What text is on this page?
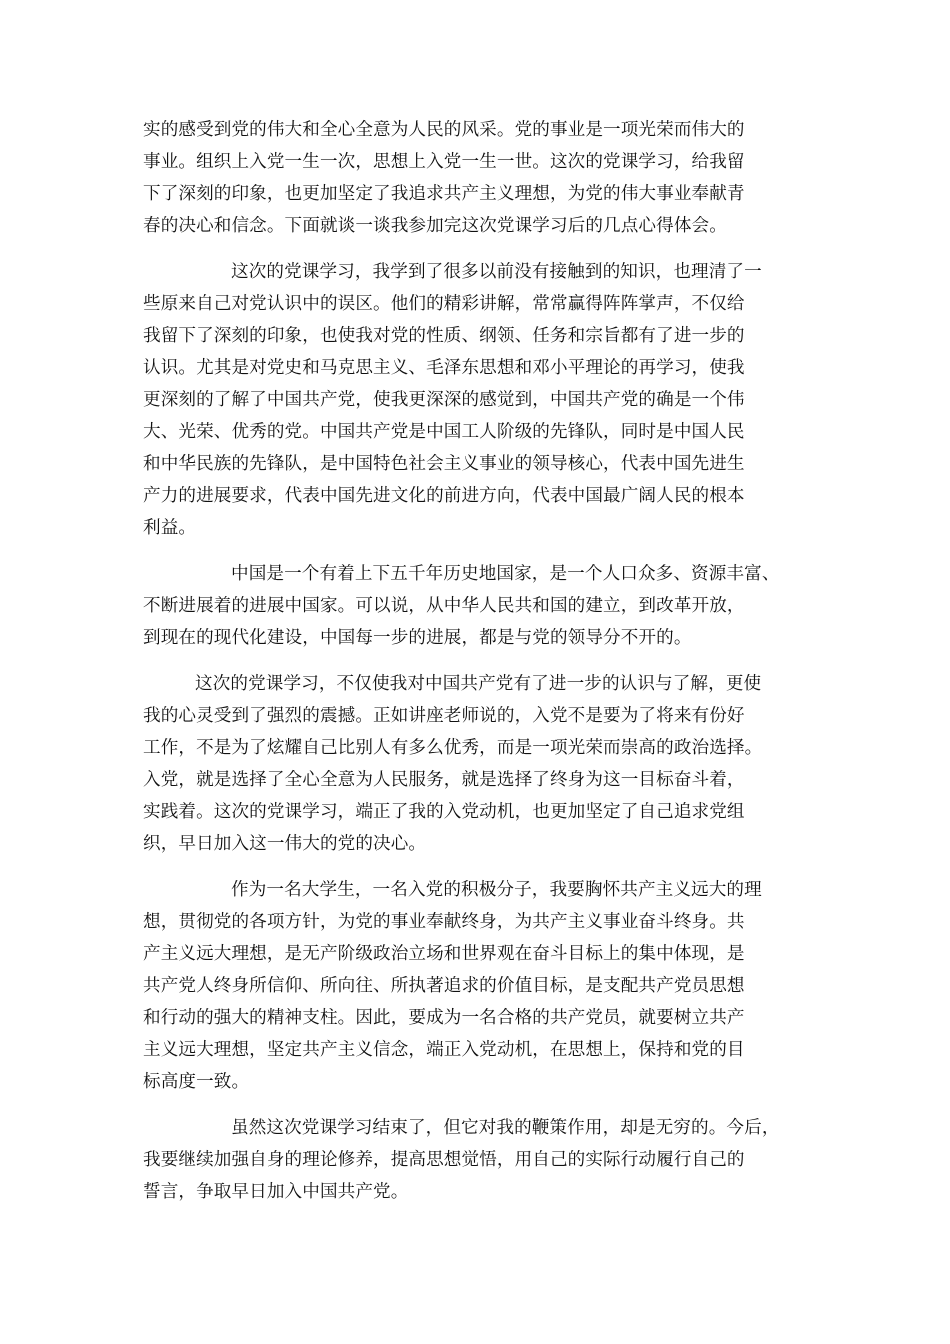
实的感受到党的伟大和全心全意为人民的风采。党的事业是一项光荣而伟大的
事业。组织上入党一生一次，思想上入党一生一世。这次的党课学习，给我留
下了深刻的印象，也更加坚定了我追求共产主义理想，为党的伟大事业奉献青
春的决心和信念。下面就谈一谈我参加完这次党课学习后的几点心得体会。
这次的党课学习，我学到了很多以前没有接触到的知识，也理清了一
些原来自己对党认识中的误区。他们的精彩讲解，常常赢得阵阵掌声，不仅给
我留下了深刻的印象，也使我对党的性质、纲领、任务和宗旨都有了进一步的
认识。尤其是对党史和马克思主义、毛泽东思想和邓小平理论的再学习，使我
更深刻的了解了中国共产党，使我更深深的感觉到，中国共产党的确是一个伟
大、光荣、优秀的党。中国共产党是中国工人阶级的先锋队，同时是中国人民
和中华民族的先锋队，是中国特色社会主义事业的领导核心，代表中国先进生
产力的进展要求，代表中国先进文化的前进方向，代表中国最广阔人民的根本
利益。
中国是一个有着上下五千年历史地国家，是一个人口众多、资源丰富、
不断进展着的进展中国家。可以说，从中华人民共和国的建立，到改革开放，
到现在的现代化建设，中国每一步的进展，都是与党的领导分不开的。
这次的党课学习，不仅使我对中国共产党有了进一步的认识与了解，更使
我的心灵受到了强烈的震撼。正如讲座老师说的，入党不是要为了将来有份好
工作，不是为了炫耀自己比别人有多么优秀，而是一项光荣而崇高的政治选择。
入党，就是选择了全心全意为人民服务，就是选择了终身为这一目标奋斗着，
实践着。这次的党课学习，端正了我的入党动机，也更加坚定了自己追求党组
织，早日加入这一伟大的党的决心。
作为一名大学生，一名入党的积极分子，我要胸怀共产主义远大的理
想，贯彻党的各项方针，为党的事业奉献终身，为共产主义事业奋斗终身。共
产主义远大理想，是无产阶级政治立场和世界观在奋斗目标上的集中体现，是
共产党人终身所信仰、所向往、所执著追求的价值目标，是支配共产党员思想
和行动的强大的精神支柱。因此，要成为一名合格的共产党员，就要树立共产
主义远大理想，坚定共产主义信念，端正入党动机，在思想上，保持和党的目
标高度一致。
虽然这次党课学习结束了，但它对我的鞭策作用，却是无穷的。今后，
我要继续加强自身的理论修养，提高思想觉悟，用自己的实际行动履行自己的
誓言，争取早日加入中国共产党。
